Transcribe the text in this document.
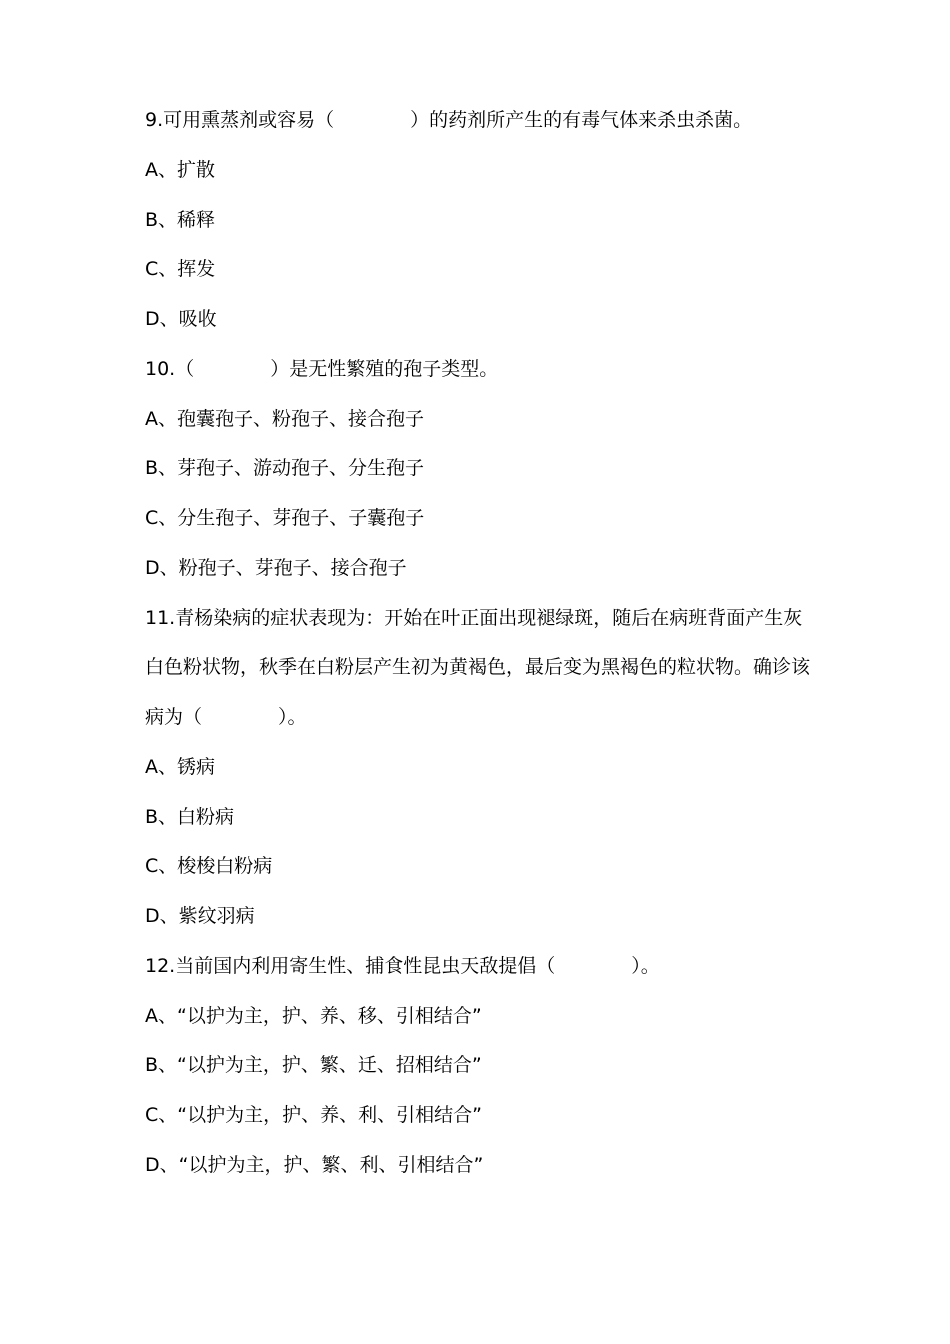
9.可用熏蒸剂或容易（　　　　）的药剂所产生的有毒气体来杀虫杀菌。
A、扩散
B、稀释
C、挥发
D、吸收
10.（　　　　）是无性繁殖的孢子类型。
A、孢囊孢子、粉孢子、接合孢子
B、芽孢子、游动孢子、分生孢子
C、分生孢子、芽孢子、子囊孢子
D、粉孢子、芽孢子、接合孢子
11.青杨染病的症状表现为：开始在叶正面出现褪绿斑，随后在病班背面产生灰
白色粉状物，秋季在白粉层产生初为黄褐色，最后变为黑褐色的粒状物。确诊该
病为（　　　　）。
A、锈病
B、白粉病
C、梭梭白粉病
D、紫纹羽病
12.当前国内利用寄生性、捕食性昆虫天敌提倡（　　　　）。
A、“以护为主，护、养、移、引相结合”
B、“以护为主，护、繁、迁、招相结合”
C、“以护为主，护、养、利、引相结合”
D、“以护为主，护、繁、利、引相结合”
